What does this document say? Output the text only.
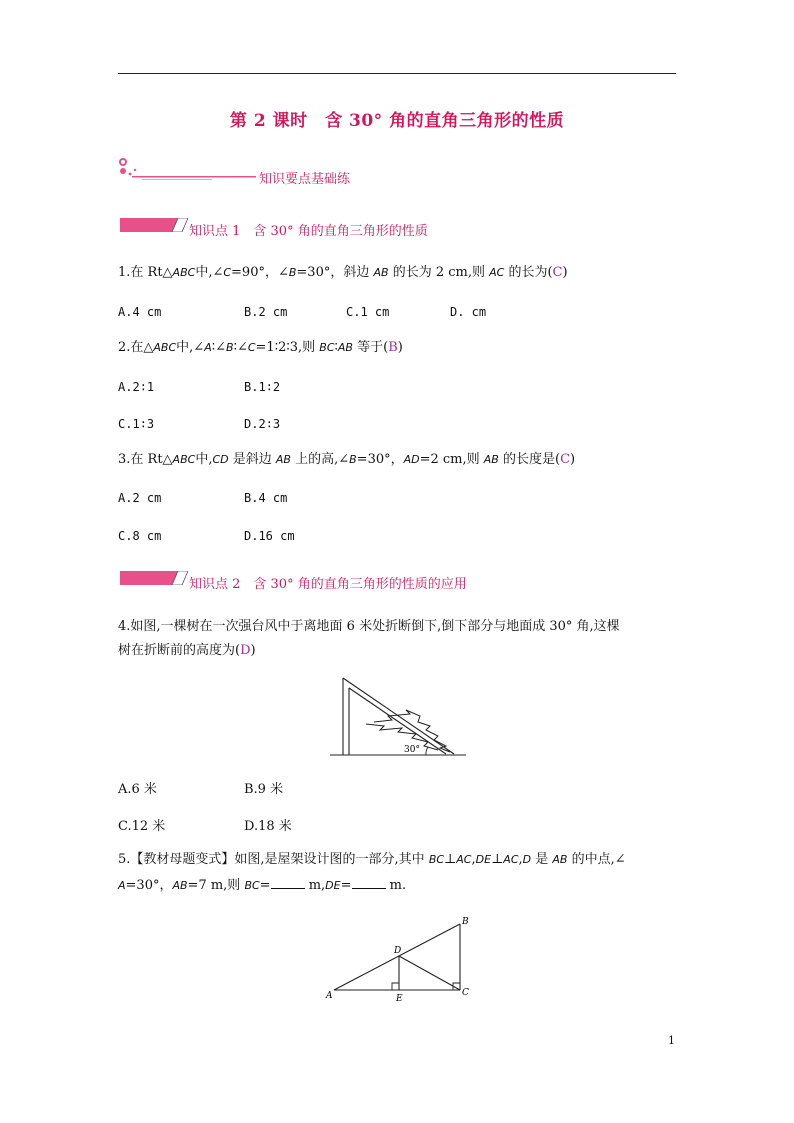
第 2 课时　含 30° 角的直角三角形的性质
知识要点基础练
知识点 1　含 30° 角的直角三角形的性质
1.在 Rt△ABC中,∠C=90°，∠B=30°，斜边 AB 的长为 2 cm,则 AC 的长为(C)
A.4 cm	B.2 cm	C.1 cm	D. cm
2.在△ABC中,∠A∶∠B∶∠C=1∶2∶3,则 BC∶AB 等于(B)
A.2∶1	B.1∶2
C.1∶3	D.2∶3
3.在 Rt△ABC中,CD 是斜边 AB 上的高,∠B=30°，AD=2 cm,则 AB 的长度是(C)
A.2 cm	B.4 cm
C.8 cm	D.16 cm
知识点 2　含 30° 角的直角三角形的性质的应用
4.如图,一棵树在一次强台风中于离地面 6 米处折断倒下,倒下部分与地面成 30° 角,这棵
树在折断前的高度为(D)
30°
A.6 米	B.9 米
C.12 米	D.18 米
5.【教材母题变式】如图,是屋架设计图的一部分,其中 BC⊥AC,DE⊥AC,D 是 AB 的中点,∠
A=30°，AB=7 m,则 BC=	m,DE=	m.
A
B
C
D
E
1
